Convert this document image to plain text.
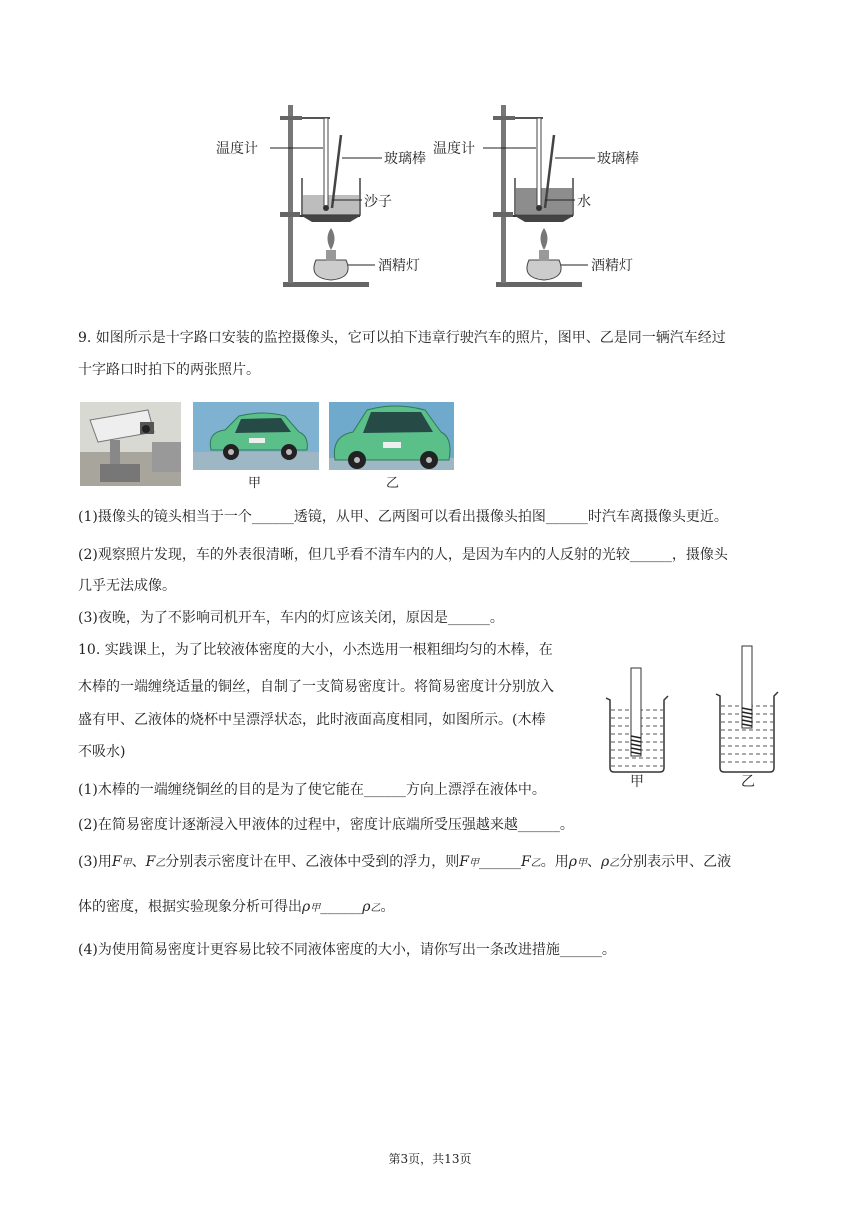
温度计
玻璃棒
沙子
酒精灯
温度计
玻璃棒
水
酒精灯
9. 如图所示是十字路口安装的监控摄像头，它可以拍下违章行驶汽车的照片，图甲、乙是同一辆汽车经过
十字路口时拍下的两张照片。
甲	乙
(1)摄像头的镜头相当于一个______透镜，从甲、乙两图可以看出摄像头拍图______时汽车离摄像头更近。
(2)观察照片发现，车的外表很清晰，但几乎看不清车内的人，是因为车内的人反射的光较______，摄像头
几乎无法成像。
(3)夜晚，为了不影响司机开车，车内的灯应该关闭，原因是______。
10. 实践课上，为了比较液体密度的大小，小杰选用一根粗细均匀的木棒，在
木棒的一端缠绕适量的铜丝，自制了一支简易密度计。将简易密度计分别放入
盛有甲、乙液体的烧杯中呈漂浮状态，此时液面高度相同，如图所示。(木棒
不吸水)
甲	乙
(1)木棒的一端缠绕铜丝的目的是为了使它能在______方向上漂浮在液体中。
(2)在简易密度计逐渐浸入甲液体的过程中，密度计底端所受压强越来越______。
(3)用F甲、F乙分别表示密度计在甲、乙液体中受到的浮力，则F甲______F乙。用ρ甲、ρ乙分别表示甲、乙液
体的密度，根据实验现象分析可得出ρ甲______ρ乙。
(4)为使用简易密度计更容易比较不同液体密度的大小，请你写出一条改进措施______。
第3页，共13页
